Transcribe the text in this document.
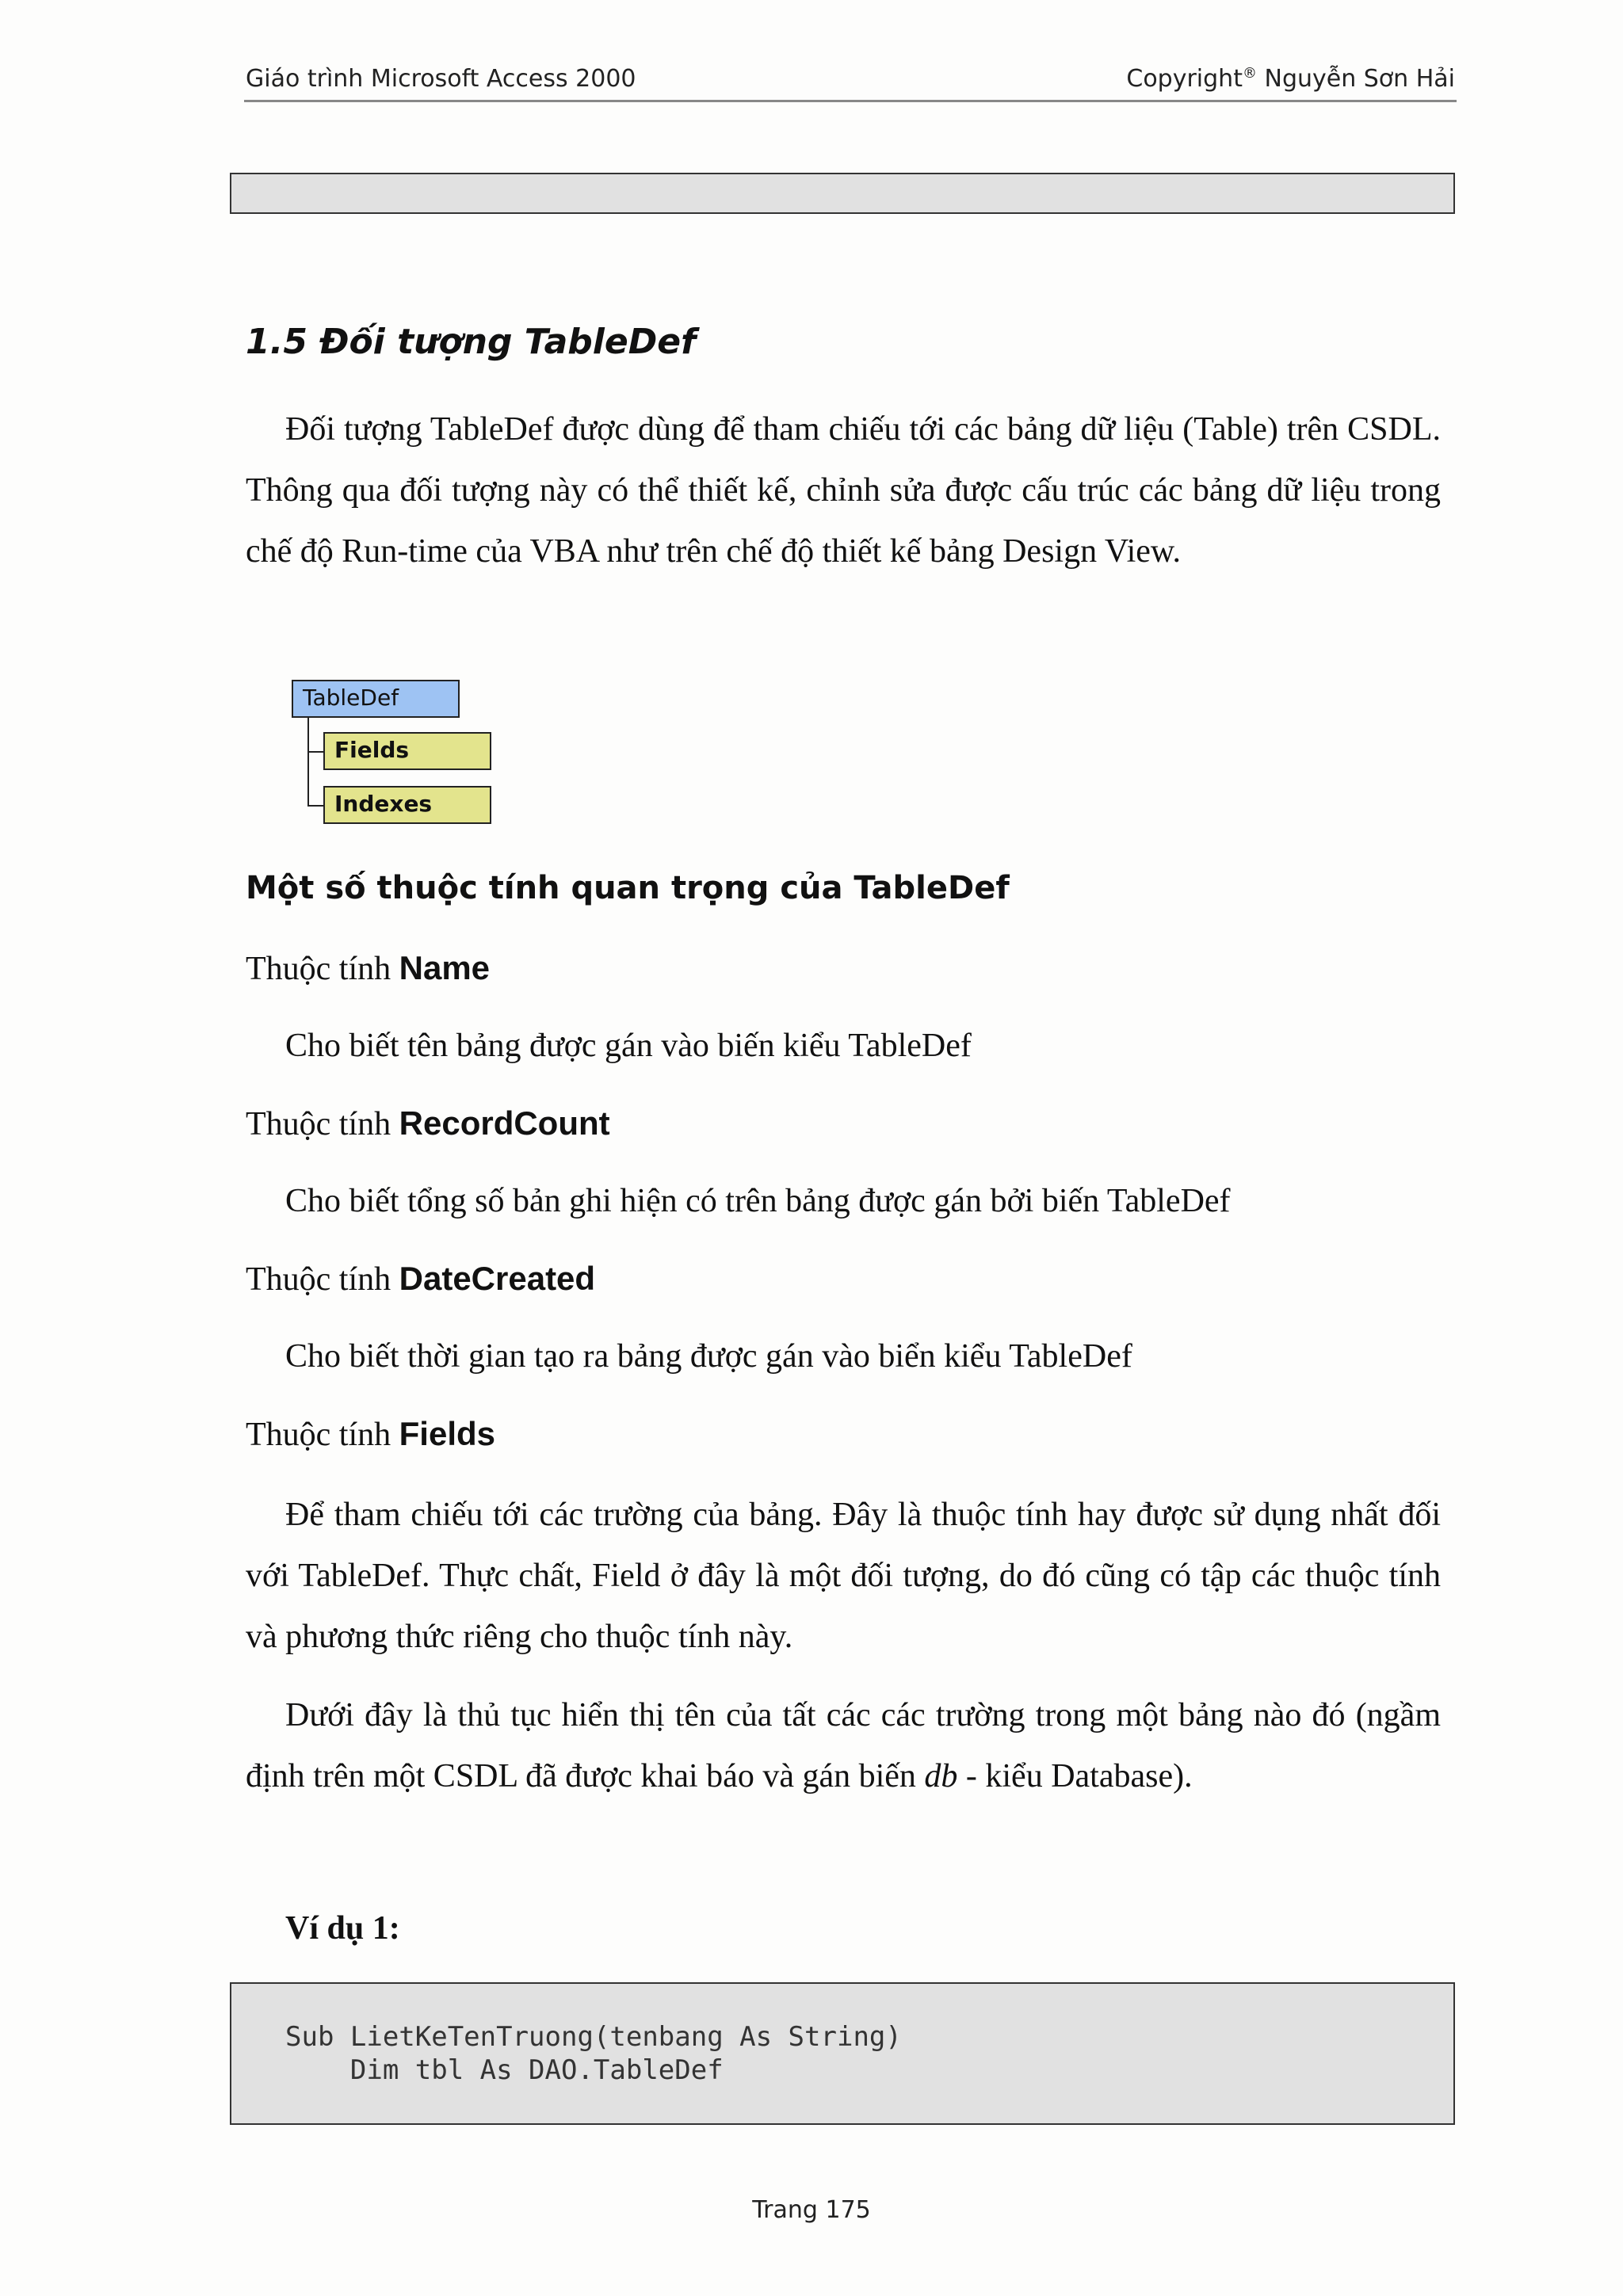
Giáo trình Microsoft Access 2000	Copyright® Nguyễn Sơn Hải
1.5 Đối tượng TableDef

Đối tượng TableDef được dùng để tham chiếu tới các bảng dữ liệu (Table) trên CSDL. Thông qua đối tượng này có thể thiết kế, chỉnh sửa được cấu trúc các bảng dữ liệu trong chế độ Run-time của VBA như trên chế độ thiết kế bảng Design View.

TableDef
Fields
Indexes
Một số thuộc tính quan trọng của TableDef
Thuộc tính Name
Cho biết tên bảng được gán vào biến kiểu TableDef
Thuộc tính RecordCount
Cho biết tổng số bản ghi hiện có trên bảng được gán bởi biến TableDef
Thuộc tính DateCreated
Cho biết thời gian tạo ra bảng được gán vào biển kiểu TableDef
Thuộc tính Fields

Để tham chiếu tới các trường của bảng. Đây là thuộc tính hay được sử dụng nhất đối với TableDef. Thực chất, Field ở đây là một đối tượng, do đó cũng có tập các thuộc tính và phương thức riêng cho thuộc tính này.

Dưới đây là thủ tục hiển thị tên của tất các các trường trong một bảng nào đó (ngầm định trên một CSDL đã được khai báo và gán biến db - kiểu Database).

Ví dụ 1:
Sub LietKeTenTruong(tenbang As String)
Dim tbl As DAO.TableDef
Trang 175
